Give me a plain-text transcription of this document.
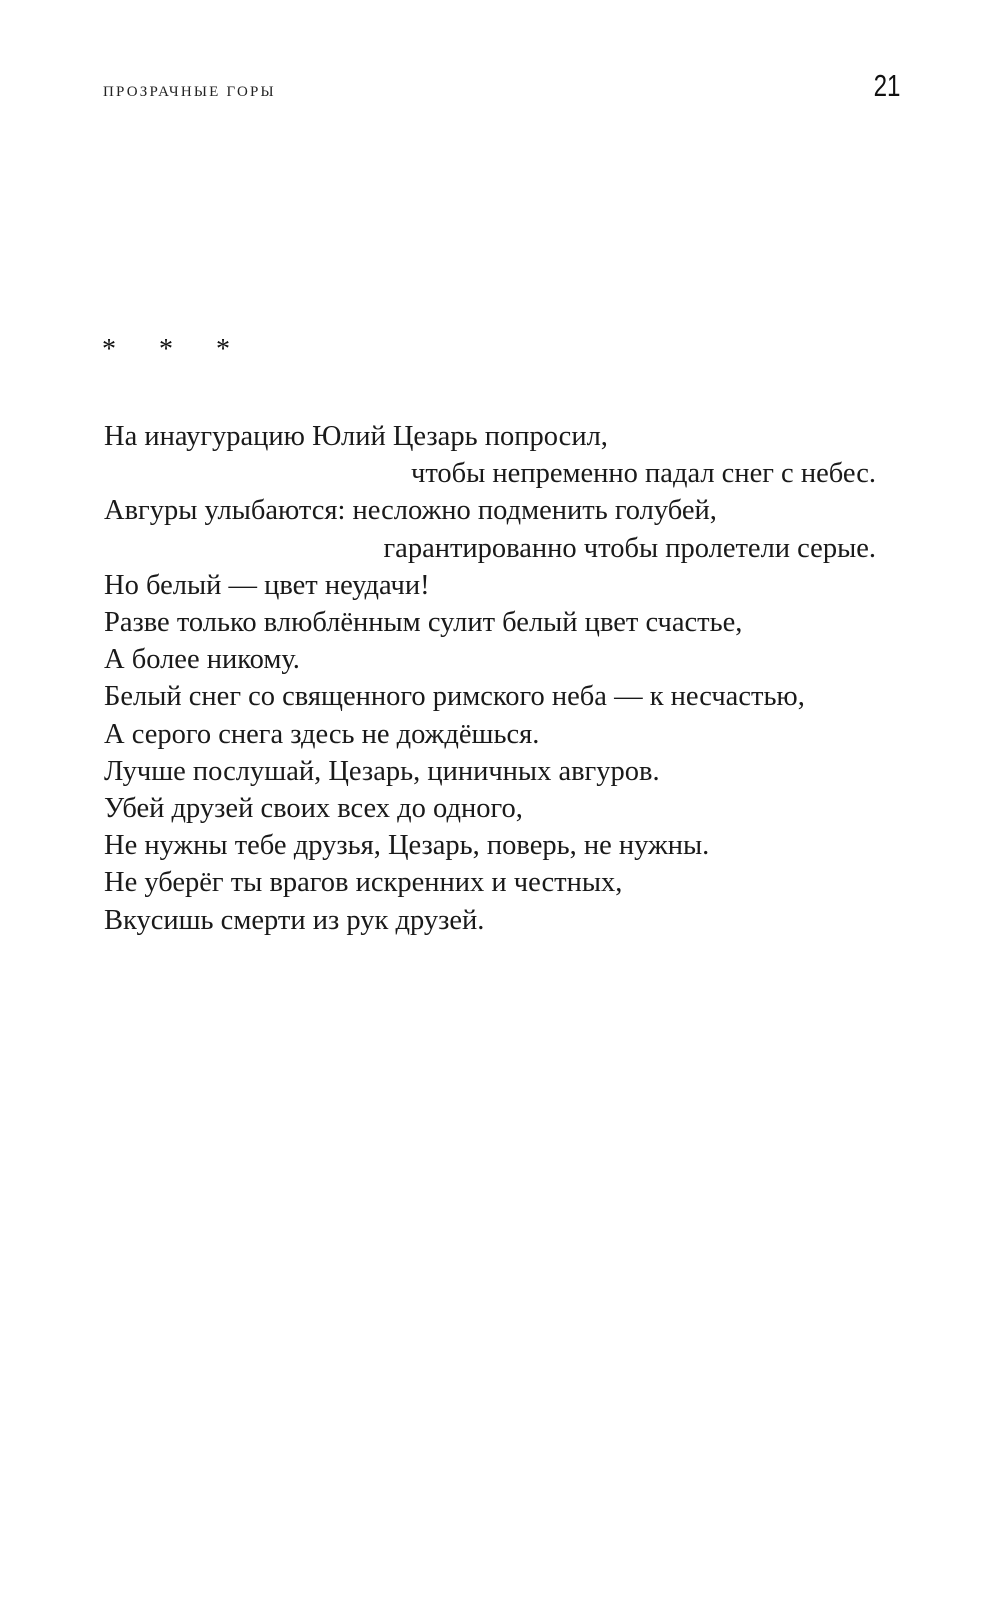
ПРОЗРАЧНЫЕ ГОРЫ	21
* * *
На инаугурацию Юлий Цезарь попросил,
чтобы непременно падал снег с небес.
Авгуры улыбаются: несложно подменить голубей,
гарантированно чтобы пролетели серые.
Но белый — цвет неудачи!
Разве только влюблённым сулит белый цвет счастье,
А более никому.
Белый снег со священного римского неба — к несчастью,
А серого снега здесь не дождёшься.
Лучше послушай, Цезарь, циничных авгуров.
Убей друзей своих всех до одного,
Не нужны тебе друзья, Цезарь, поверь, не нужны.
Не уберёг ты врагов искренних и честных,
Вкусишь смерти из рук друзей.
